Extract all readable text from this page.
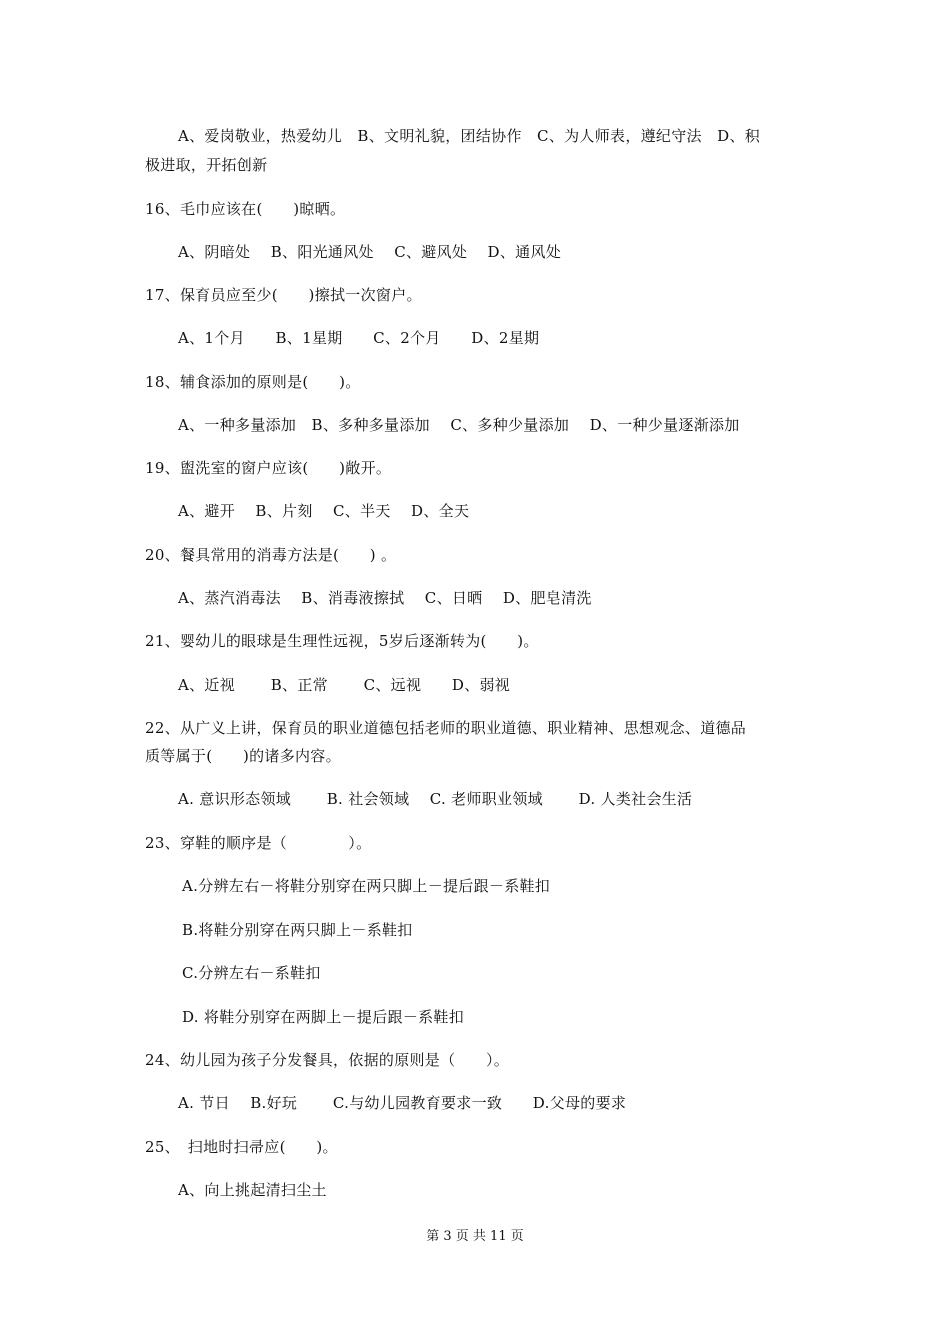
A、爱岗敬业，热爱幼儿　B、文明礼貌，团结协作　C、为人师表，遵纪守法　D、积
极进取，开拓创新
16、毛巾应该在(　　)晾晒。
A、阴暗处　 B、阳光通风处　 C、避风处　 D、通风处
17、保育员应至少(　　)擦拭一次窗户。
A、1个月　　B、1星期　　C、2个月　　D、2星期
18、辅食添加的原则是(　　)。
A、一种多量添加　B、多种多量添加　 C、多种少量添加　 D、一种少量逐渐添加
19、盥洗室的窗户应该(　　)敞开。
A、避开　 B、片刻　 C、半天　 D、全天
20、餐具常用的消毒方法是(　　) 。
A、蒸汽消毒法　 B、消毒液擦拭　 C、日晒　 D、肥皂清洗
21、婴幼儿的眼球是生理性远视，5岁后逐渐转为(　　)。
A、近视　　 B、正常　　 C、远视　　D、弱视
22、从广义上讲，保育员的职业道德包括老师的职业道德、职业精神、思想观念、道德品
质等属于(　　)的诸多内容。
A. 意识形态领域　　 B. 社会领域　 C. 老师职业领域　　 D. 人类社会生活
23、穿鞋的顺序是（　　　　）。
A.分辨左右－将鞋分别穿在两只脚上－提后跟－系鞋扣
B.将鞋分别穿在两只脚上－系鞋扣
C.分辨左右－系鞋扣
D. 将鞋分别穿在两脚上－提后跟－系鞋扣
24、幼儿园为孩子分发餐具，依据的原则是（　　）。
A. 节日　 B.好玩　　 C.与幼儿园教育要求一致　　D.父母的要求
25、　扫地时扫帚应(　　)。
A、向上挑起清扫尘土
第 3 页 共 11 页
